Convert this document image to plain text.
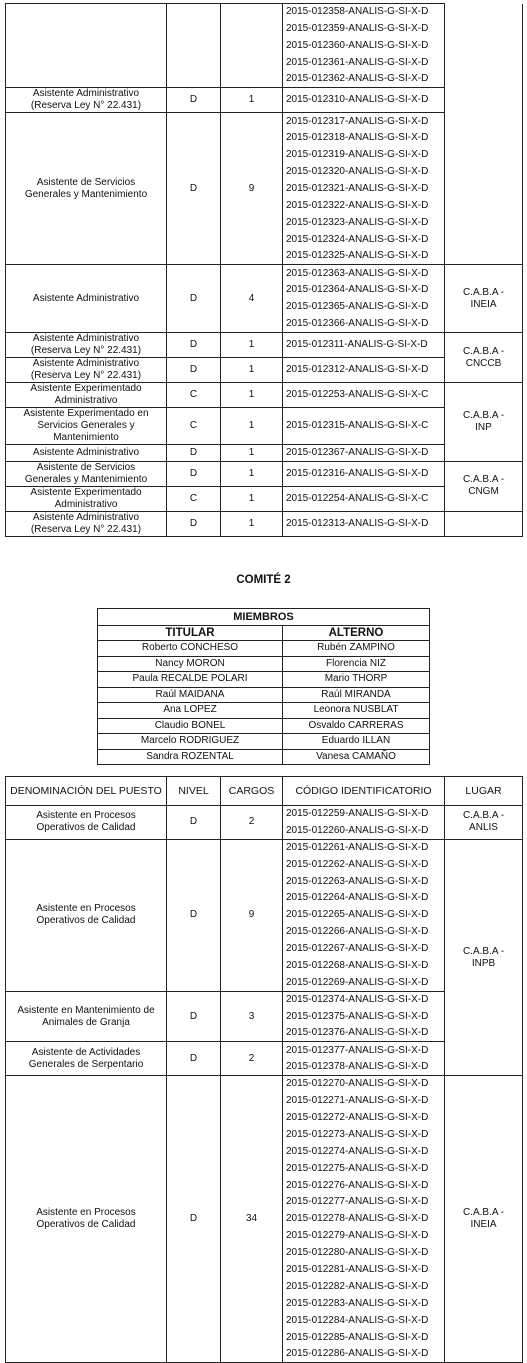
			2015-012358-ANALIS-G-SI-X-D	
			2015-012359-ANALIS-G-SI-X-D	
			2015-012360-ANALIS-G-SI-X-D	
			2015-012361-ANALIS-G-SI-X-D	
			2015-012362-ANALIS-G-SI-X-D	
Asistente Administrativo
(Reserva Ley N° 22.431)	D	1	2015-012310-ANALIS-G-SI-X-D	
Asistente de Servicios
Generales y Mantenimiento	D	9	2015-012317-ANALIS-G-SI-X-D	
			2015-012318-ANALIS-G-SI-X-D	
			2015-012319-ANALIS-G-SI-X-D	
			2015-012320-ANALIS-G-SI-X-D	
			2015-012321-ANALIS-G-SI-X-D	
			2015-012322-ANALIS-G-SI-X-D	
			2015-012323-ANALIS-G-SI-X-D	
			2015-012324-ANALIS-G-SI-X-D	
			2015-012325-ANALIS-G-SI-X-D	
Asistente Administrativo	D	4	2015-012363-ANALIS-G-SI-X-D	C.A.B.A -
INEIA
			2015-012364-ANALIS-G-SI-X-D	
			2015-012365-ANALIS-G-SI-X-D	
			2015-012366-ANALIS-G-SI-X-D	
Asistente Administrativo
(Reserva Ley N° 22.431)	D	1	2015-012311-ANALIS-G-SI-X-D	C.A.B.A -
CNCCB
Asistente Administrativo
(Reserva Ley N° 22.431)	D	1	2015-012312-ANALIS-G-SI-X-D	
Asistente Experimentado
Administrativo	C	1	2015-012253-ANALIS-G-SI-X-C	C.A.B.A -
INP
Asistente Experimentado en
Servicios Generales y
Mantenimiento	C	1	2015-012315-ANALIS-G-SI-X-C	
Asistente Administrativo	D	1	2015-012367-ANALIS-G-SI-X-D	
Asistente de Servicios
Generales y Mantenimiento	D	1	2015-012316-ANALIS-G-SI-X-D	C.A.B.A -
CNGM
Asistente Experimentado
Administrativo	C	1	2015-012254-ANALIS-G-SI-X-C	
Asistente Administrativo
(Reserva Ley N° 22.431)	D	1	2015-012313-ANALIS-G-SI-X-D	
COMITÉ 2
MIEMBROS	
TITULAR	ALTERNO
Roberto CONCHESO	Rubén ZAMPINO
Nancy MORON	Florencia NIZ
Paula RECALDE POLARI	Mario THORP
Raúl MAIDANA	Raúl MIRANDA
Ana LOPEZ	Leonora NUSBLAT
Claudio BONEL	Osvaldo CARRERAS
Marcelo RODRIGUEZ	Eduardo ILLAN
Sandra ROZENTAL	Vanesa CAMAÑO
DENOMINACIÓN DEL PUESTO	NIVEL	CARGOS	CÓDIGO IDENTIFICATORIO	LUGAR
Asistente en Procesos
Operativos de Calidad	D	2	2015-012259-ANALIS-G-SI-X-D	C.A.B.A -
ANLIS
			2015-012260-ANALIS-G-SI-X-D	
Asistente en Procesos
Operativos de Calidad	D	9	2015-012261-ANALIS-G-SI-X-D	C.A.B.A -
INPB
			2015-012262-ANALIS-G-SI-X-D	
			2015-012263-ANALIS-G-SI-X-D	
			2015-012264-ANALIS-G-SI-X-D	
			2015-012265-ANALIS-G-SI-X-D	
			2015-012266-ANALIS-G-SI-X-D	
			2015-012267-ANALIS-G-SI-X-D	
			2015-012268-ANALIS-G-SI-X-D	
			2015-012269-ANALIS-G-SI-X-D	
Asistente en Mantenimiento de
Animales de Granja	D	3	2015-012374-ANALIS-G-SI-X-D	
			2015-012375-ANALIS-G-SI-X-D	
			2015-012376-ANALIS-G-SI-X-D	
Asistente de Actividades
Generales de Serpentario	D	2	2015-012377-ANALIS-G-SI-X-D	
			2015-012378-ANALIS-G-SI-X-D	
Asistente en Procesos
Operativos de Calidad	D	34	2015-012270-ANALIS-G-SI-X-D	C.A.B.A -
INEIA
			2015-012271-ANALIS-G-SI-X-D	
			2015-012272-ANALIS-G-SI-X-D	
			2015-012273-ANALIS-G-SI-X-D	
			2015-012274-ANALIS-G-SI-X-D	
			2015-012275-ANALIS-G-SI-X-D	
			2015-012276-ANALIS-G-SI-X-D	
			2015-012277-ANALIS-G-SI-X-D	
			2015-012278-ANALIS-G-SI-X-D	
			2015-012279-ANALIS-G-SI-X-D	
			2015-012280-ANALIS-G-SI-X-D	
			2015-012281-ANALIS-G-SI-X-D	
			2015-012282-ANALIS-G-SI-X-D	
			2015-012283-ANALIS-G-SI-X-D	
			2015-012284-ANALIS-G-SI-X-D	
			2015-012285-ANALIS-G-SI-X-D	
			2015-012286-ANALIS-G-SI-X-D	
